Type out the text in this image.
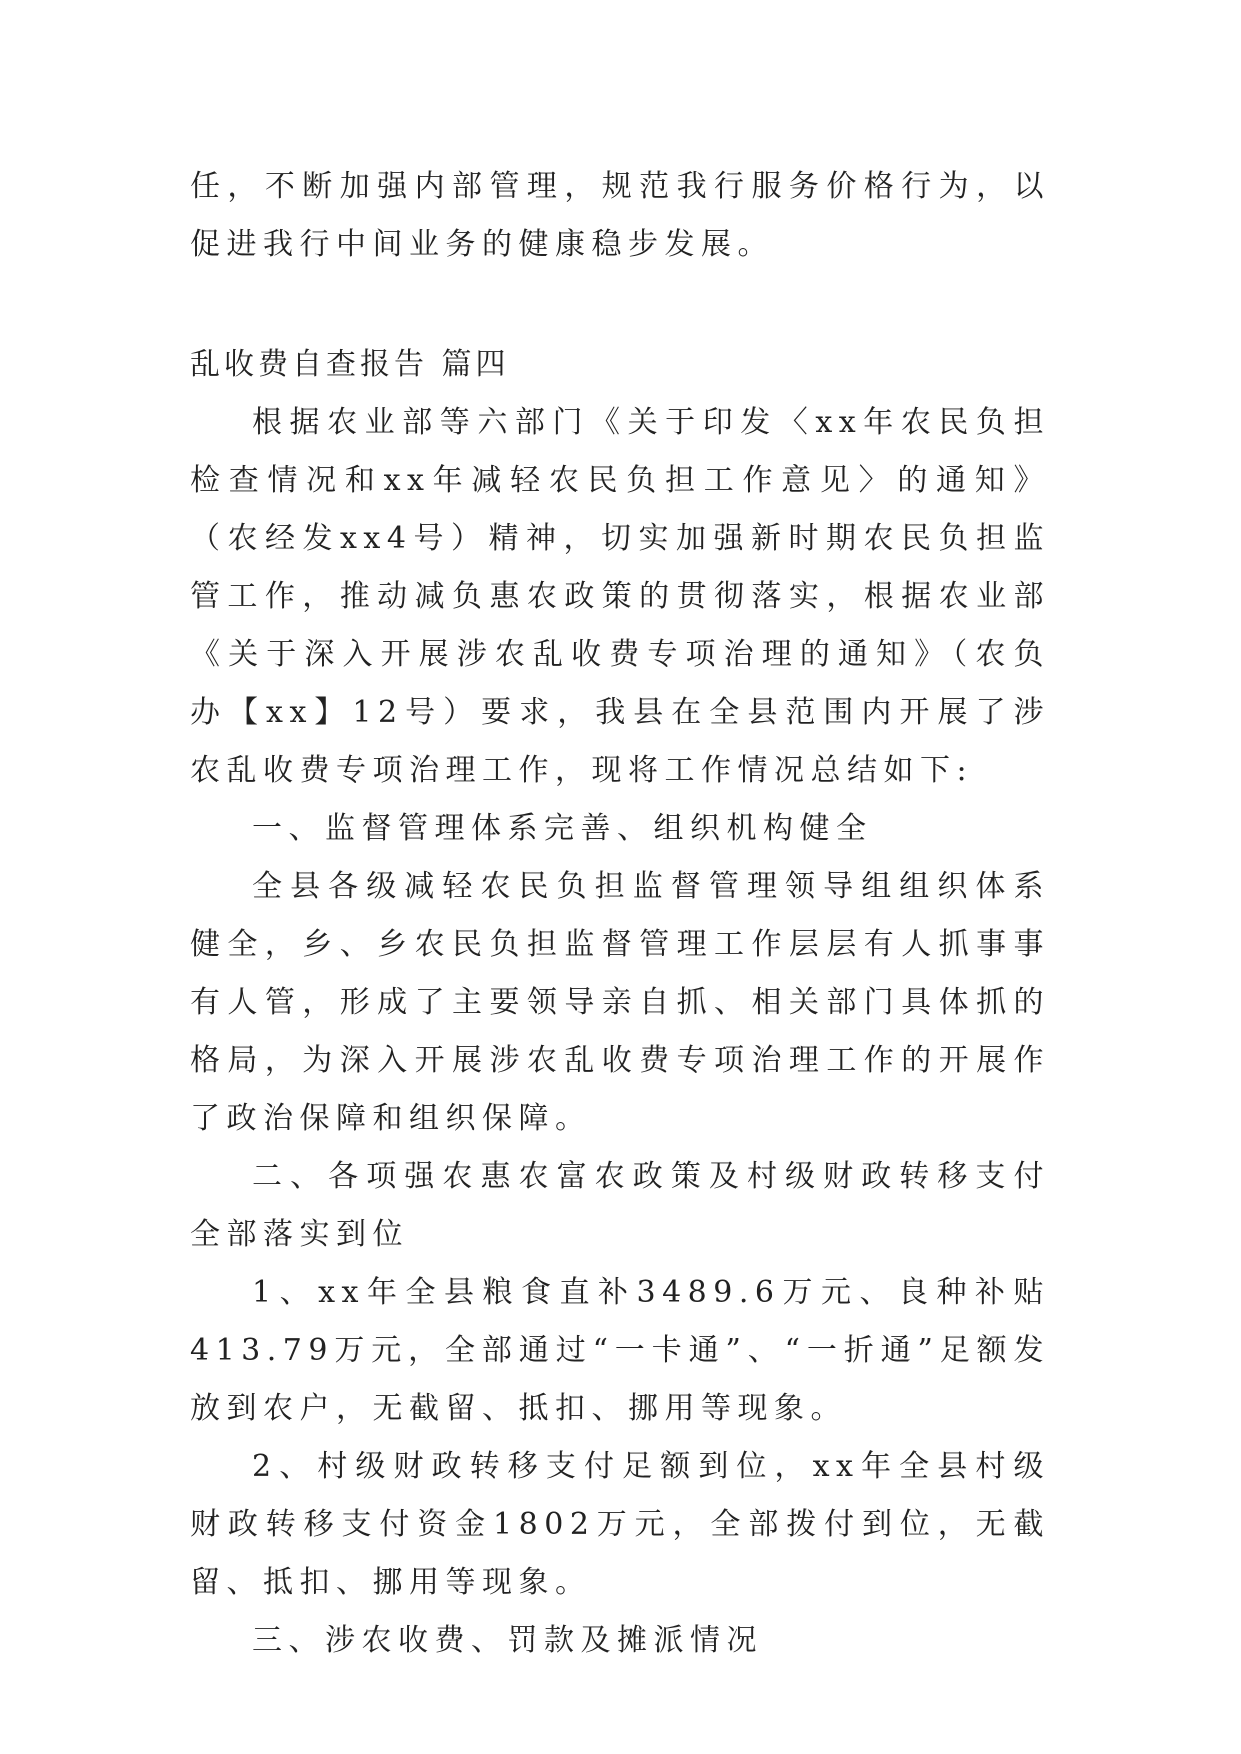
任，不断加强内部管理，规范我行服务价格行为，以促进我行中间业务的健康稳步发展。

乱收费自查报告 篇四

根据农业部等六部门《关于印发〈xx年农民负担检查情况和xx年减轻农民负担工作意见〉的通知》（农经发xx4号）精神，切实加强新时期农民负担监管工作，推动减负惠农政策的贯彻落实，根据农业部《关于深入开展涉农乱收费专项治理的通知》（农负办【xx】12号）要求，我县在全县范围内开展了涉农乱收费专项治理工作，现将工作情况总结如下:

一、监督管理体系完善、组织机构健全

全县各级减轻农民负担监督管理领导组组织体系健全，乡、乡农民负担监督管理工作层层有人抓事事有人管，形成了主要领导亲自抓、相关部门具体抓的格局，为深入开展涉农乱收费专项治理工作的开展作了政治保障和组织保障。

二、各项强农惠农富农政策及村级财政转移支付全部落实到位

1、xx年全县粮食直补3489.6万元、良种补贴413.79万元，全部通过“一卡通”、“一折通”足额发放到农户，无截留、抵扣、挪用等现象。

2、村级财政转移支付足额到位，xx年全县村级财政转移支付资金1802万元，全部拨付到位，无截留、抵扣、挪用等现象。

三、涉农收费、罚款及摊派情况
